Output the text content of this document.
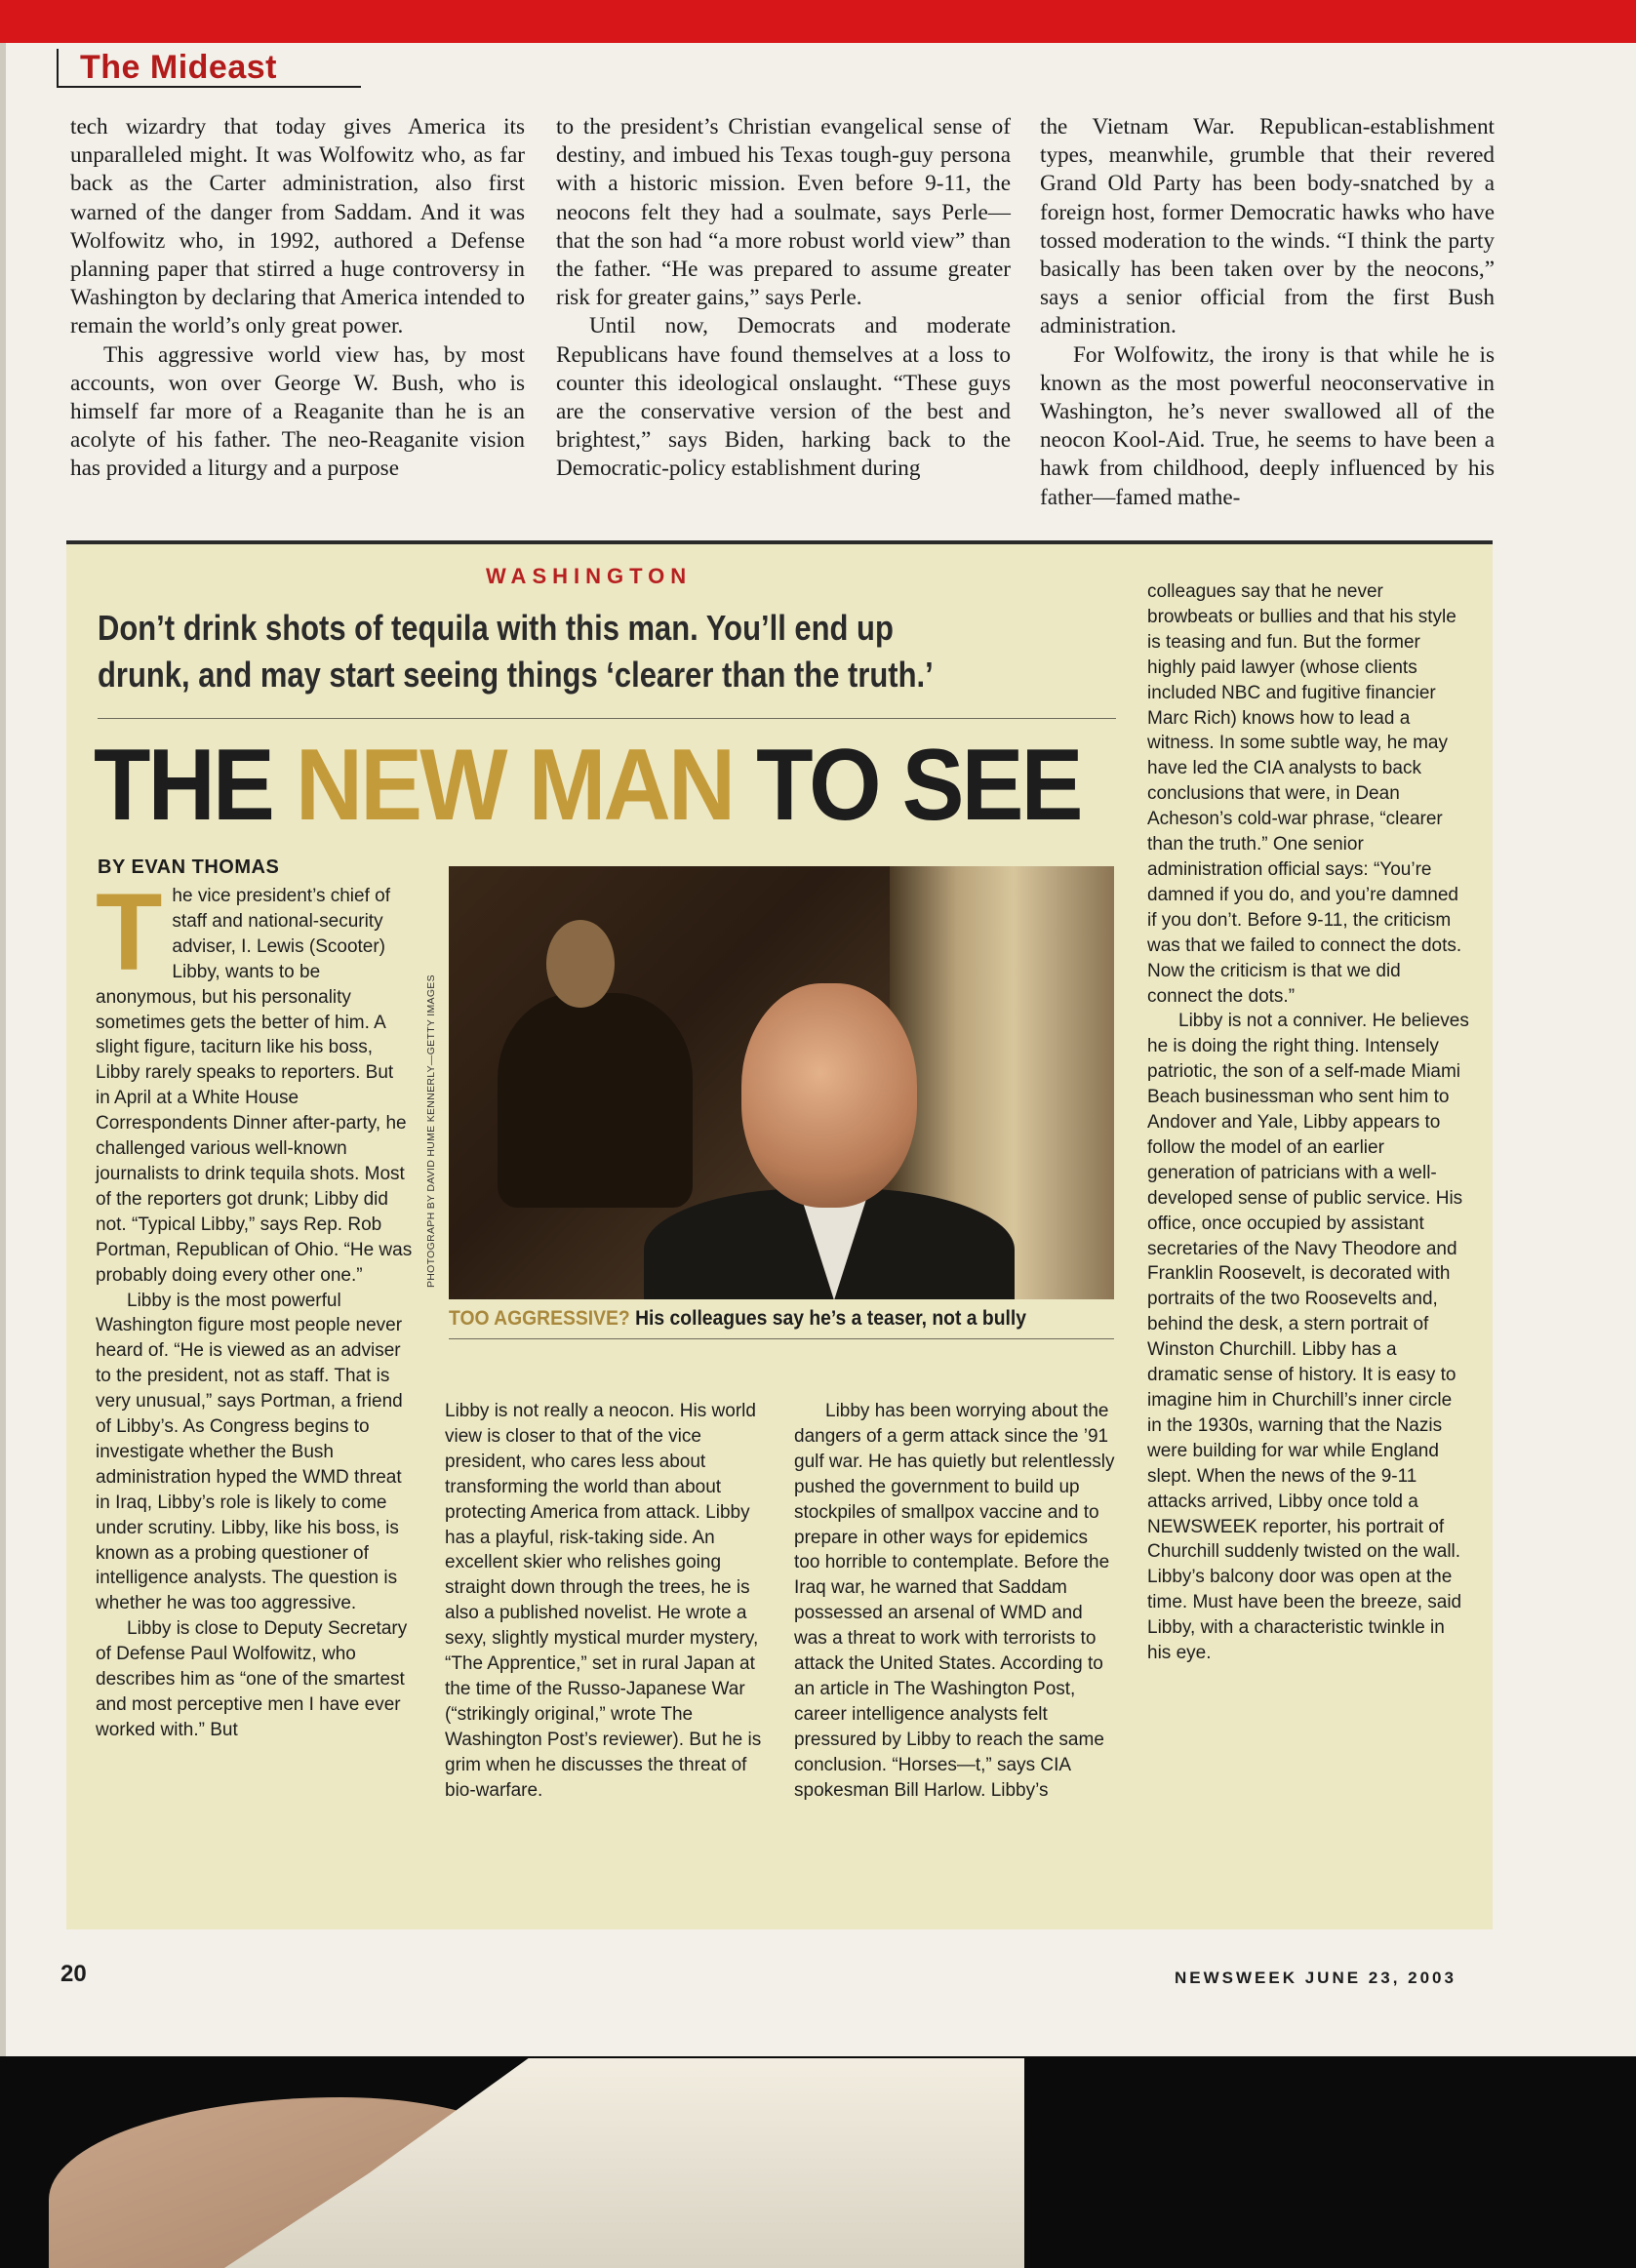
The Mideast

tech wizardry that today gives America its unparalleled might. It was Wolfowitz who, as far back as the Carter administration, also first warned of the danger from Saddam. And it was Wolfowitz who, in 1992, authored a Defense planning paper that stirred a huge controversy in Washington by declaring that America intended to remain the world’s only great power.

This aggressive world view has, by most accounts, won over George W. Bush, who is himself far more of a Reaganite than he is an acolyte of his father. The neo-Reaganite vision has provided a liturgy and a purpose

to the president’s Christian evangelical sense of destiny, and imbued his Texas tough-guy persona with a historic mission. Even before 9-11, the neocons felt they had a soulmate, says Perle—that the son had “a more robust world view” than the father. “He was prepared to assume greater risk for greater gains,” says Perle.

Until now, Democrats and moderate Republicans have found themselves at a loss to counter this ideological onslaught. “These guys are the conservative version of the best and brightest,” says Biden, harking back to the Democratic-policy establishment during

the Vietnam War. Republican-establishment types, meanwhile, grumble that their revered Grand Old Party has been body-snatched by a foreign host, former Democratic hawks who have tossed moderation to the winds. “I think the party basically has been taken over by the neocons,” says a senior official from the first Bush administration.

For Wolfowitz, the irony is that while he is known as the most powerful neoconservative in Washington, he’s never swallowed all of the neocon Kool-Aid. True, he seems to have been a hawk from childhood, deeply influenced by his father—famed mathe-

WASHINGTON
Don’t drink shots of tequila with this man. You’ll end up drunk, and may start seeing things ‘clearer than the truth.’
THE NEW MAN TO SEE
BY EVAN THOMAS

The vice president’s chief of staff and national-security adviser, I. Lewis (Scooter) Libby, wants to be anonymous, but his personality sometimes gets the better of him. A slight figure, taciturn like his boss, Libby rarely speaks to reporters. But in April at a White House Correspondents Dinner after-party, he challenged various well-known journalists to drink tequila shots. Most of the reporters got drunk; Libby did not. “Typical Libby,” says Rep. Rob Portman, Republican of Ohio. “He was probably doing every other one.”

Libby is the most powerful Washington figure most people never heard of. “He is viewed as an adviser to the president, not as staff. That is very unusual,” says Portman, a friend of Libby’s. As Congress begins to investigate whether the Bush administration hyped the WMD threat in Iraq, Libby’s role is likely to come under scrutiny. Libby, like his boss, is known as a probing questioner of intelligence analysts. The question is whether he was too aggressive.

Libby is close to Deputy Secretary of Defense Paul Wolfowitz, who describes him as “one of the smartest and most perceptive men I have ever worked with.” But

PHOTOGRAPH BY DAVID HUME KENNERLY—GETTY IMAGES
TOO AGGRESSIVE? His colleagues say he’s a teaser, not a bully

Libby is not really a neocon. His world view is closer to that of the vice president, who cares less about transforming the world than about protecting America from attack. Libby has a playful, risk-taking side. An excellent skier who relishes going straight down through the trees, he is also a published novelist. He wrote a sexy, slightly mystical murder mystery, “The Apprentice,” set in rural Japan at the time of the Russo-Japanese War (“strikingly original,” wrote The Washington Post’s reviewer). But he is grim when he discusses the threat of bio-warfare.

Libby has been worrying about the dangers of a germ attack since the ’91 gulf war. He has quietly but relentlessly pushed the government to build up stockpiles of smallpox vaccine and to prepare in other ways for epidemics too horrible to contemplate. Before the Iraq war, he warned that Saddam possessed an arsenal of WMD and was a threat to work with terrorists to attack the United States. According to an article in The Washington Post, career intelligence analysts felt pressured by Libby to reach the same conclusion. “Horses—t,” says CIA spokesman Bill Harlow. Libby’s

colleagues say that he never browbeats or bullies and that his style is teasing and fun. But the former highly paid lawyer (whose clients included NBC and fugitive financier Marc Rich) knows how to lead a witness. In some subtle way, he may have led the CIA analysts to back conclusions that were, in Dean Acheson’s cold-war phrase, “clearer than the truth.” One senior administration official says: “You’re damned if you do, and you’re damned if you don’t. Before 9-11, the criticism was that we failed to connect the dots. Now the criticism is that we did connect the dots.”

Libby is not a conniver. He believes he is doing the right thing. Intensely patriotic, the son of a self-made Miami Beach businessman who sent him to Andover and Yale, Libby appears to follow the model of an earlier generation of patricians with a well-developed sense of public service. His office, once occupied by assistant secretaries of the Navy Theodore and Franklin Roosevelt, is decorated with portraits of the two Roosevelts and, behind the desk, a stern portrait of Winston Churchill. Libby has a dramatic sense of history. It is easy to imagine him in Churchill’s inner circle in the 1930s, warning that the Nazis were building for war while England slept. When the news of the 9-11 attacks arrived, Libby once told a NEWSWEEK reporter, his portrait of Churchill suddenly twisted on the wall. Libby’s balcony door was open at the time. Must have been the breeze, said Libby, with a characteristic twinkle in his eye.

20	NEWSWEEK JUNE 23, 2003
